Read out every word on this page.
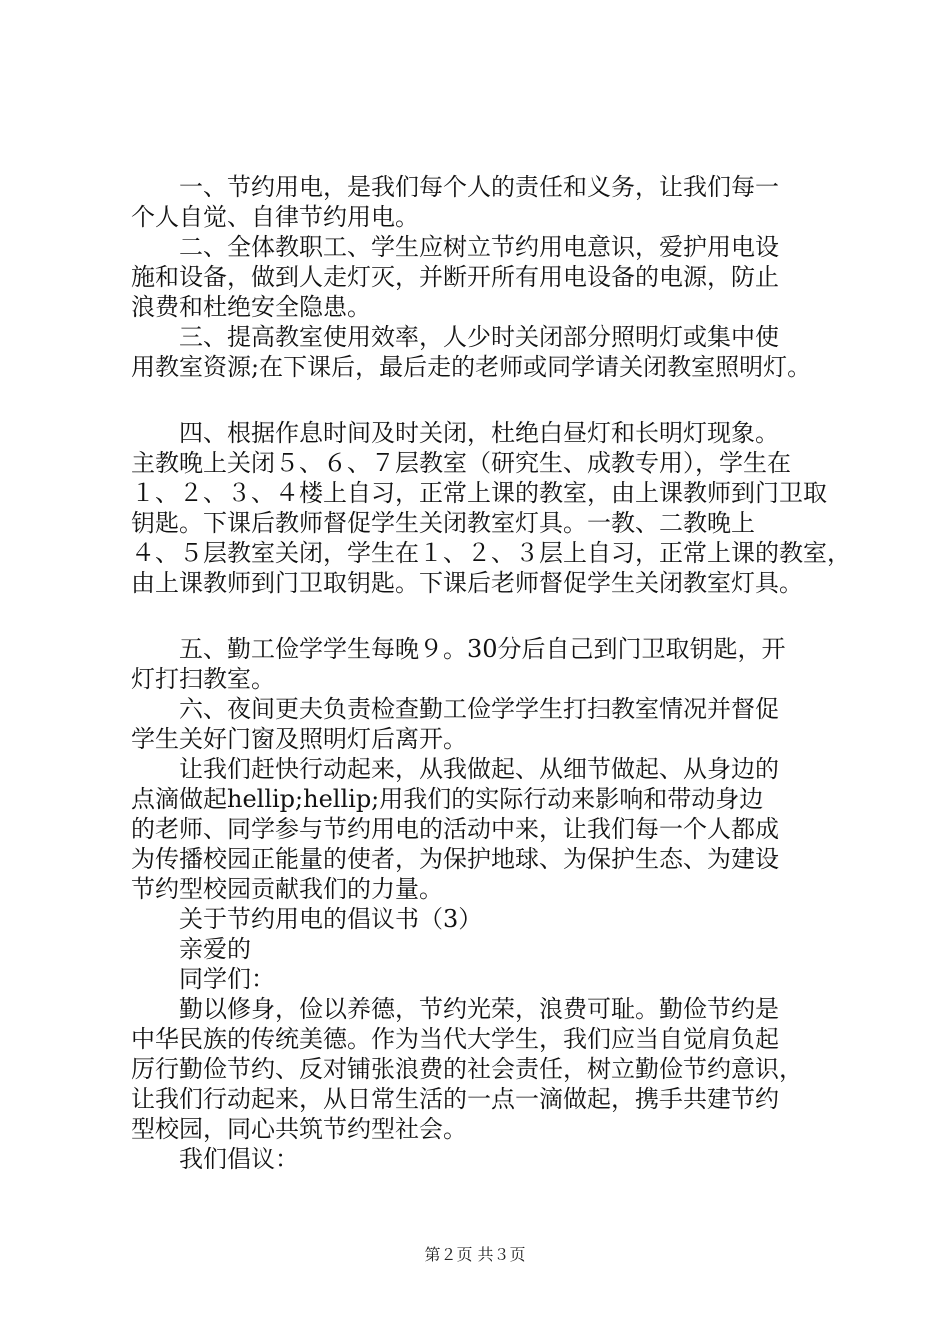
　　一、节约用电，是我们每个人的责任和义务，让我们每一
个人自觉、自律节约用电。
　　二、全体教职工、学生应树立节约用电意识，爱护用电设
施和设备，做到人走灯灭，并断开所有用电设备的电源，防止
浪费和杜绝安全隐患。
　　三、提高教室使用效率，人少时关闭部分照明灯或集中使
用教室资源;在下课后，最后走的老师或同学请关闭教室照明灯。
　　四、根据作息时间及时关闭，杜绝白昼灯和长明灯现象。
主教晚上关闭５、６、７层教室（研究生、成教专用），学生在
１、２、３、４楼上自习，正常上课的教室，由上课教师到门卫取
钥匙。下课后教师督促学生关闭教室灯具。一教、二教晚上
４、５层教室关闭，学生在１、２、３层上自习，正常上课的教室，
由上课教师到门卫取钥匙。下课后老师督促学生关闭教室灯具。
　　五、勤工俭学学生每晚９。30分后自己到门卫取钥匙，开
灯打扫教室。
　　六、夜间更夫负责检查勤工俭学学生打扫教室情况并督促
学生关好门窗及照明灯后离开。
　　让我们赶快行动起来，从我做起、从细节做起、从身边的
点滴做起hellip;hellip;用我们的实际行动来影响和带动身边
的老师、同学参与节约用电的活动中来，让我们每一个人都成
为传播校园正能量的使者，为保护地球、为保护生态、为建设
节约型校园贡献我们的力量。
　　关于节约用电的倡议书（3）
　　亲爱的
　　同学们：
　　勤以修身，俭以养德，节约光荣，浪费可耻。勤俭节约是
中华民族的传统美德。作为当代大学生，我们应当自觉肩负起
厉行勤俭节约、反对铺张浪费的社会责任，树立勤俭节约意识，
让我们行动起来，从日常生活的一点一滴做起，携手共建节约
型校园，同心共筑节约型社会。
　　我们倡议：
第２页 共３页
